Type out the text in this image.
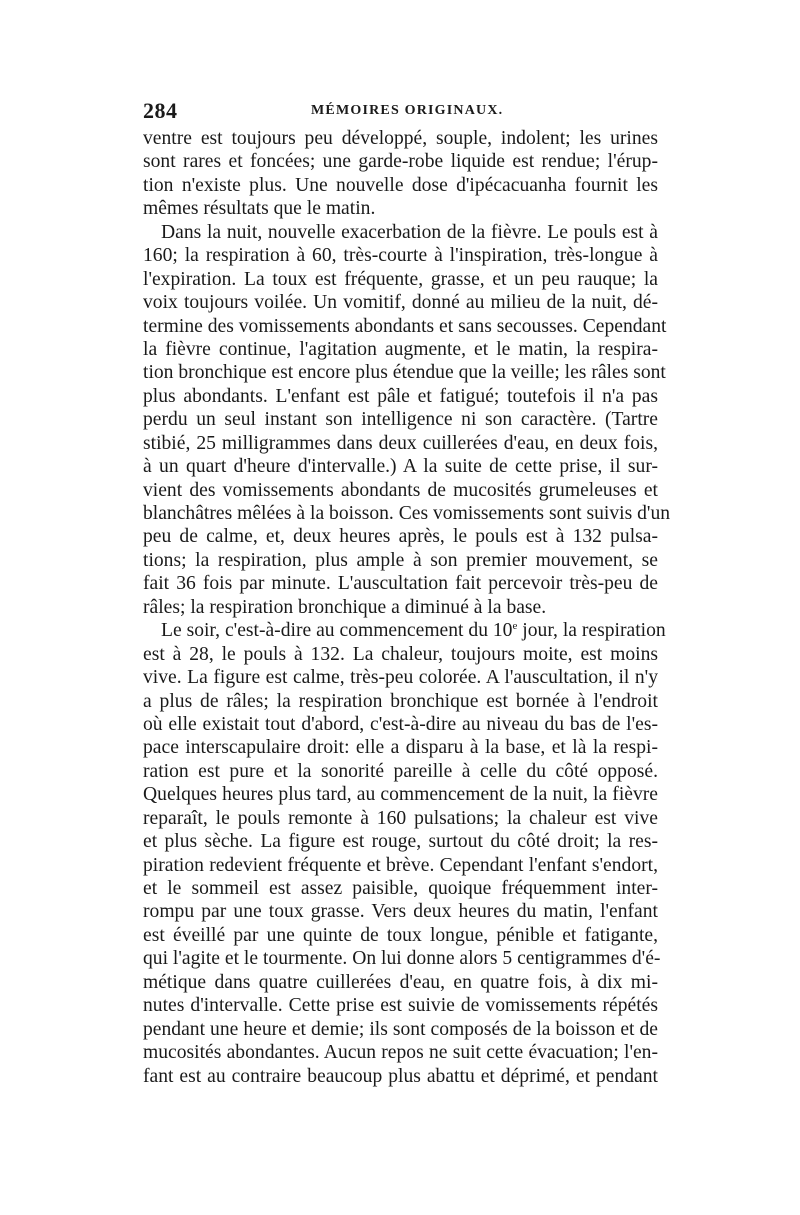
284	MÉMOIRES ORIGINAUX.
ventre est toujours peu développé, souple, indolent; les urines
sont rares et foncées; une garde-robe liquide est rendue; l'érup-
tion n'existe plus. Une nouvelle dose d'ipécacuanha fournit les
mêmes résultats que le matin.
Dans la nuit, nouvelle exacerbation de la fièvre. Le pouls est à
160; la respiration à 60, très-courte à l'inspiration, très-longue à
l'expiration. La toux est fréquente, grasse, et un peu rauque; la
voix toujours voilée. Un vomitif, donné au milieu de la nuit, dé-
termine des vomissements abondants et sans secousses. Cependant
la fièvre continue, l'agitation augmente, et le matin, la respira-
tion bronchique est encore plus étendue que la veille; les râles sont
plus abondants. L'enfant est pâle et fatigué; toutefois il n'a pas
perdu un seul instant son intelligence ni son caractère. (Tartre
stibié, 25 milligrammes dans deux cuillerées d'eau, en deux fois,
à un quart d'heure d'intervalle.) A la suite de cette prise, il sur-
vient des vomissements abondants de mucosités grumeleuses et
blanchâtres mêlées à la boisson. Ces vomissements sont suivis d'un
peu de calme, et, deux heures après, le pouls est à 132 pulsa-
tions; la respiration, plus ample à son premier mouvement, se
fait 36 fois par minute. L'auscultation fait percevoir très-peu de
râles; la respiration bronchique a diminué à la base.
Le soir, c'est-à-dire au commencement du 10e jour, la respiration
est à 28, le pouls à 132. La chaleur, toujours moite, est moins
vive. La figure est calme, très-peu colorée. A l'auscultation, il n'y
a plus de râles; la respiration bronchique est bornée à l'endroit
où elle existait tout d'abord, c'est-à-dire au niveau du bas de l'es-
pace interscapulaire droit: elle a disparu à la base, et là la respi-
ration est pure et la sonorité pareille à celle du côté opposé.
Quelques heures plus tard, au commencement de la nuit, la fièvre
reparaît, le pouls remonte à 160 pulsations; la chaleur est vive
et plus sèche. La figure est rouge, surtout du côté droit; la res-
piration redevient fréquente et brève. Cependant l'enfant s'endort,
et le sommeil est assez paisible, quoique fréquemment inter-
rompu par une toux grasse. Vers deux heures du matin, l'enfant
est éveillé par une quinte de toux longue, pénible et fatigante,
qui l'agite et le tourmente. On lui donne alors 5 centigrammes d'é-
métique dans quatre cuillerées d'eau, en quatre fois, à dix mi-
nutes d'intervalle. Cette prise est suivie de vomissements répétés
pendant une heure et demie; ils sont composés de la boisson et de
mucosités abondantes. Aucun repos ne suit cette évacuation; l'en-
fant est au contraire beaucoup plus abattu et déprimé, et pendant
